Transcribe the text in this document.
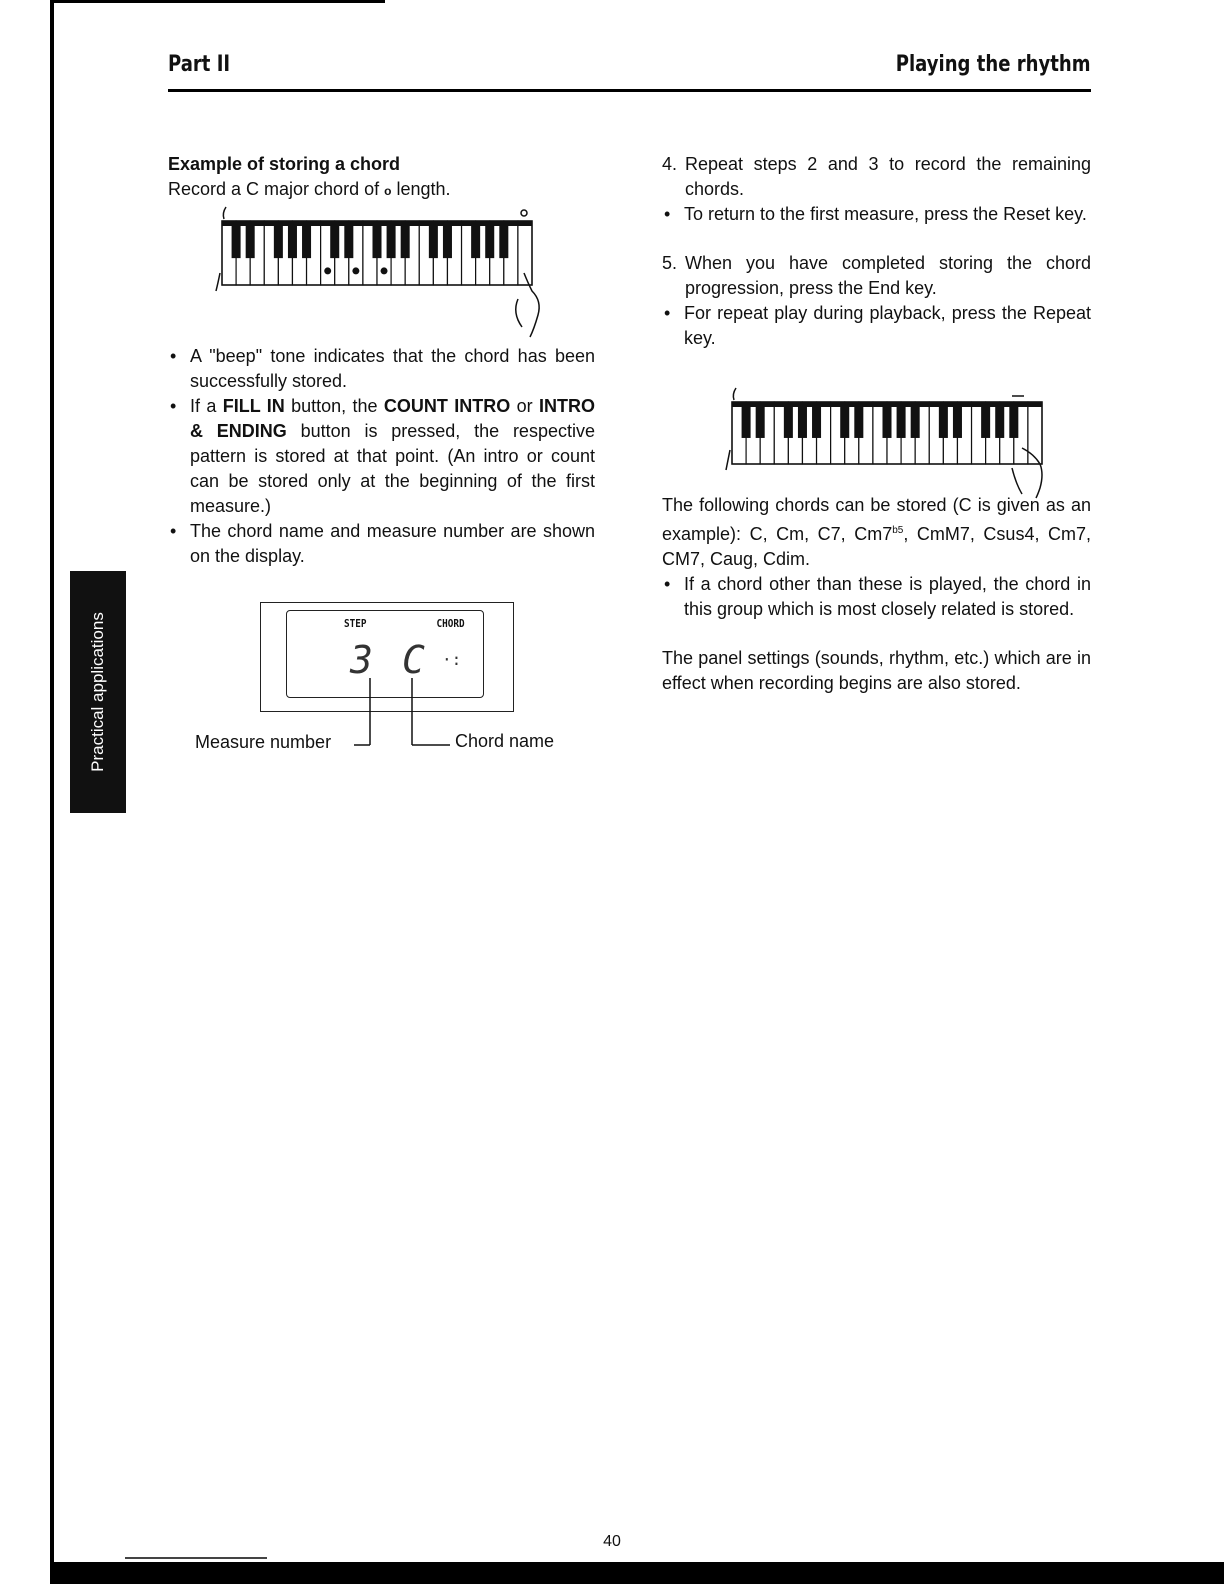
Part II	Playing the rhythm
Practical applications
Example of storing a chord
Record a C major chord of o length.
• A "beep" tone indicates that the chord has been successfully stored.
• If a FILL IN button, the COUNT INTRO or INTRO & ENDING button is pressed, the respective pattern is stored at that point. (An intro or count can be stored only at the beginning of the first measure.)
• The chord name and measure number are shown on the display.
STEP	CHORD
3 C ·:
Measure number	Chord name
4. Repeat steps 2 and 3 to record the remaining chords.
• To return to the first measure, press the Reset key.
5. When you have completed storing the chord progression, press the End key.
• For repeat play during playback, press the Repeat key.
The following chords can be stored (C is given as an example): C, Cm, C7, $Cm7^{b5}$, CmM7, Csus4, Cm7, CM7, Caug, Cdim.
• If a chord other than these is played, the chord in this group which is most closely related is stored.
The panel settings (sounds, rhythm, etc.) which are in effect when recording begins are also stored.
40
